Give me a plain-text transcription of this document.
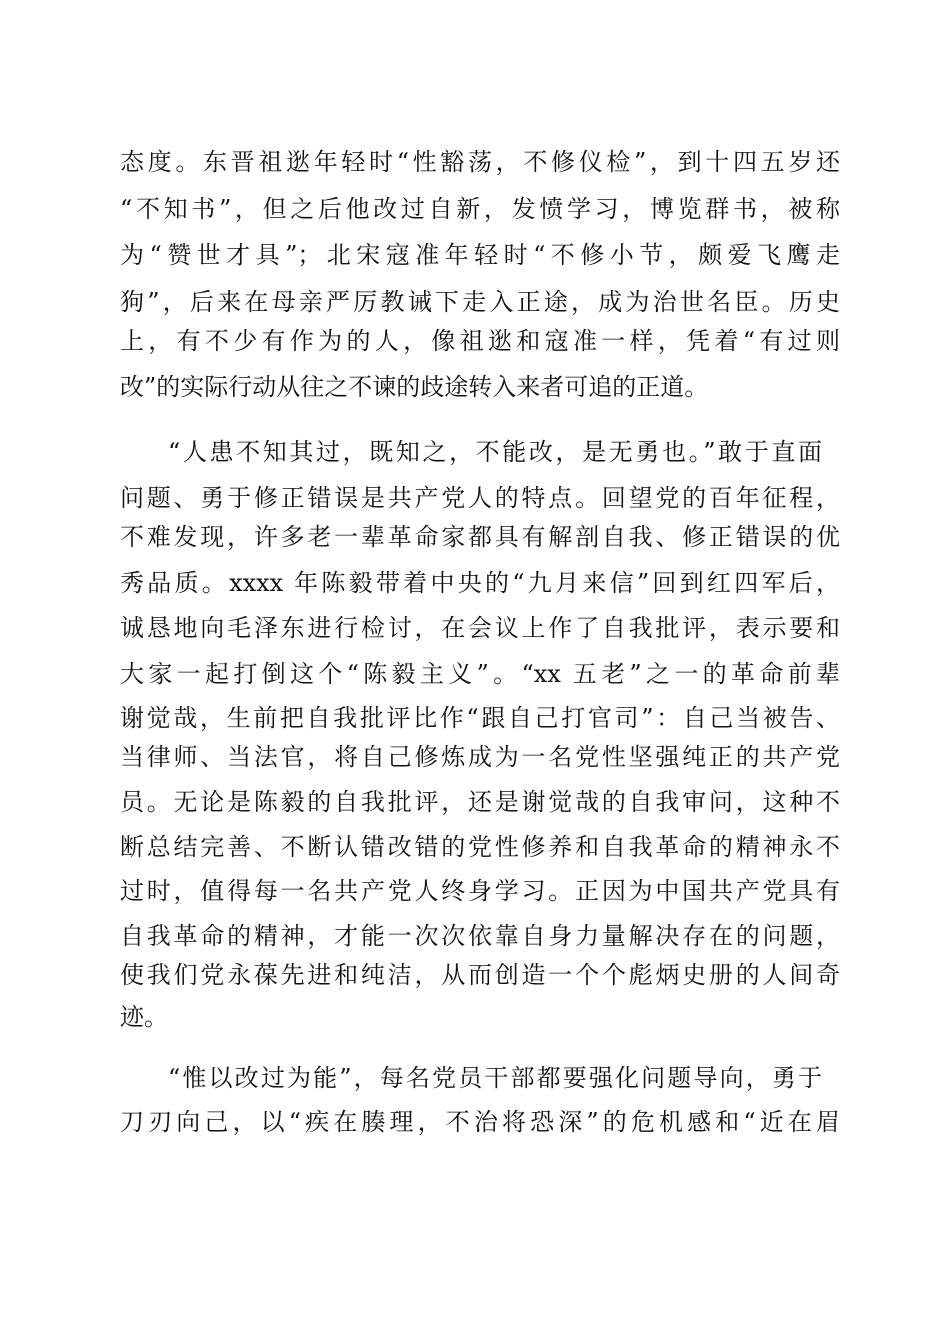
态度。东晋祖逖年轻时“性豁荡，不修仪检”，到十四五岁还
“不知书”，但之后他改过自新，发愤学习，博览群书，被称
为“赞世才具”；北宋寇准年轻时“不修小节，颇爱飞鹰走
狗”，后来在母亲严厉教诫下走入正途，成为治世名臣。历史
上，有不少有作为的人，像祖逖和寇准一样，凭着“有过则
改”的实际行动从往之不谏的歧途转入来者可追的正道。
“人患不知其过，既知之，不能改，是无勇也。”敢于直面
问题、勇于修正错误是共产党人的特点。回望党的百年征程，
不难发现，许多老一辈革命家都具有解剖自我、修正错误的优
秀品质。xxxx 年陈毅带着中央的“九月来信”回到红四军后，
诚恳地向毛泽东进行检讨，在会议上作了自我批评，表示要和
大家一起打倒这个“陈毅主义”。“xx 五老”之一的革命前辈
谢觉哉，生前把自我批评比作“跟自己打官司”：自己当被告、
当律师、当法官，将自己修炼成为一名党性坚强纯正的共产党
员。无论是陈毅的自我批评，还是谢觉哉的自我审问，这种不
断总结完善、不断认错改错的党性修养和自我革命的精神永不
过时，值得每一名共产党人终身学习。正因为中国共产党具有
自我革命的精神，才能一次次依靠自身力量解决存在的问题，
使我们党永葆先进和纯洁，从而创造一个个彪炳史册的人间奇
迹。
“惟以改过为能”，每名党员干部都要强化问题导向，勇于
刀刃向己，以“疾在腠理，不治将恐深”的危机感和“近在眉
